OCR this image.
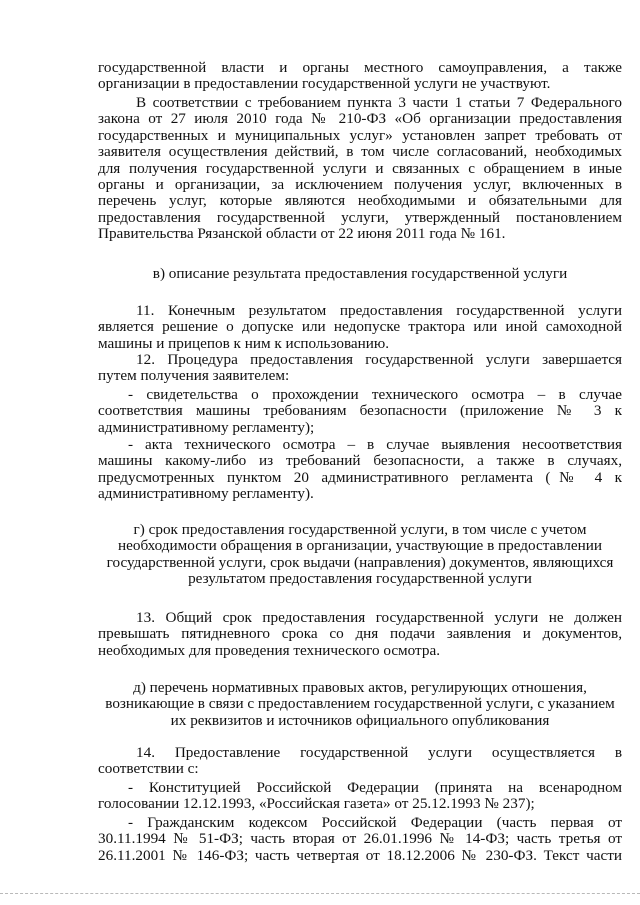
государственной власти и органы местного самоуправления, а также
организации в предоставлении государственной услуги не участвуют.
В соответствии с требованием пункта 3 части 1 статьи 7 Федерального
закона от 27 июля 2010 года № 210-ФЗ «Об организации предоставления
государственных и муниципальных услуг» установлен запрет требовать от
заявителя осуществления действий, в том числе согласований, необходимых
для получения государственной услуги и связанных с обращением в иные
органы и организации, за исключением получения услуг, включенных в
перечень услуг, которые являются необходимыми и обязательными для
предоставления государственной услуги, утвержденный постановлением
Правительства Рязанской области от 22 июня 2011 года № 161.
в) описание результата предоставления государственной услуги
11. Конечным результатом предоставления государственной услуги
является решение о допуске или недопуске трактора или иной самоходной
машины и прицепов к ним к использованию.
12. Процедура предоставления государственной услуги завершается
путем получения заявителем:
- свидетельства о прохождении технического осмотра – в случае
соответствия машины требованиям безопасности (приложение № 3 к
административному регламенту);
- акта технического осмотра – в случае выявления несоответствия
машины какому-либо из требований безопасности, а также в случаях,
предусмотренных пунктом 20 административного регламента (№ 4 к
административному регламенту).
г) срок предоставления государственной услуги, в том числе с учетом
необходимости обращения в организации, участвующие в предоставлении
государственной услуги, срок выдачи (направления) документов, являющихся
результатом предоставления государственной услуги
13. Общий срок предоставления государственной услуги не должен
превышать пятидневного срока со дня подачи заявления и документов,
необходимых для проведения технического осмотра.
д) перечень нормативных правовых актов, регулирующих отношения,
возникающие в связи с предоставлением государственной услуги, с указанием
их реквизитов и источников официального опубликования
14. Предоставление государственной услуги осуществляется в
соответствии с:
- Конституцией Российской Федерации (принята на всенародном
голосовании 12.12.1993, «Российская газета» от 25.12.1993 № 237);
- Гражданским кодексом Российской Федерации (часть первая от
30.11.1994 № 51-ФЗ; часть вторая от 26.01.1996 № 14-ФЗ; часть третья от
26.11.2001 № 146-ФЗ; часть четвертая от 18.12.2006 № 230-ФЗ. Текст части
